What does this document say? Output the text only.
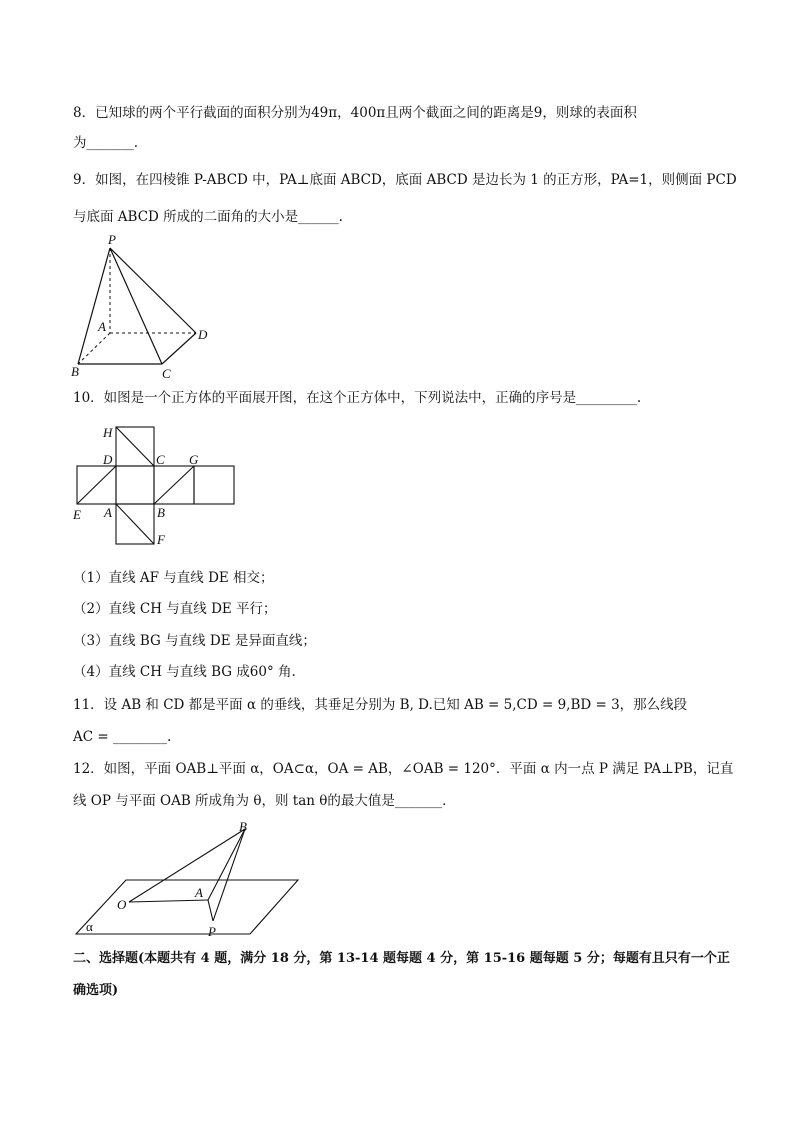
8．已知球的两个平行截面的面积分别为49π，400π且两个截面之间的距离是9，则球的表面积
为_______.
9．如图，在四棱锥 P-ABCD 中，PA⊥底面 ABCD，底面 ABCD 是边长为 1 的正方形，PA=1，则侧面 PCD
与底面 ABCD 所成的二面角的大小是______.
P
A
B	C
D
10．如图是一个正方体的平面展开图，在这个正方体中，下列说法中，正确的序号是_________.
H
D	C G
E A	B
F
（1）直线 AF 与直线 DE 相交；
（2）直线 CH 与直线 DE 平行；
（3）直线 BG 与直线 DE 是异面直线；
（4）直线 CH 与直线 BG 成60° 角.
11．设 AB 和 CD 都是平面 α 的垂线，其垂足分别为 B, D.已知 AB = 5,CD = 9,BD = 3，那么线段
AC = ________.
12．如图，平面 OAB⊥平面 α，OA⊂α，OA = AB，∠OAB = 120°．平面 α 内一点 P 满足 PA⊥PB，记直
线 OP 与平面 OAB 所成角为 θ，则 tan θ的最大值是_______．
B
O
A
P
α
二、选择题(本题共有 4 题，满分 18 分，第 13-14 题每题 4 分，第 15-16 题每题 5 分；每题有且只有一个正
确选项)
